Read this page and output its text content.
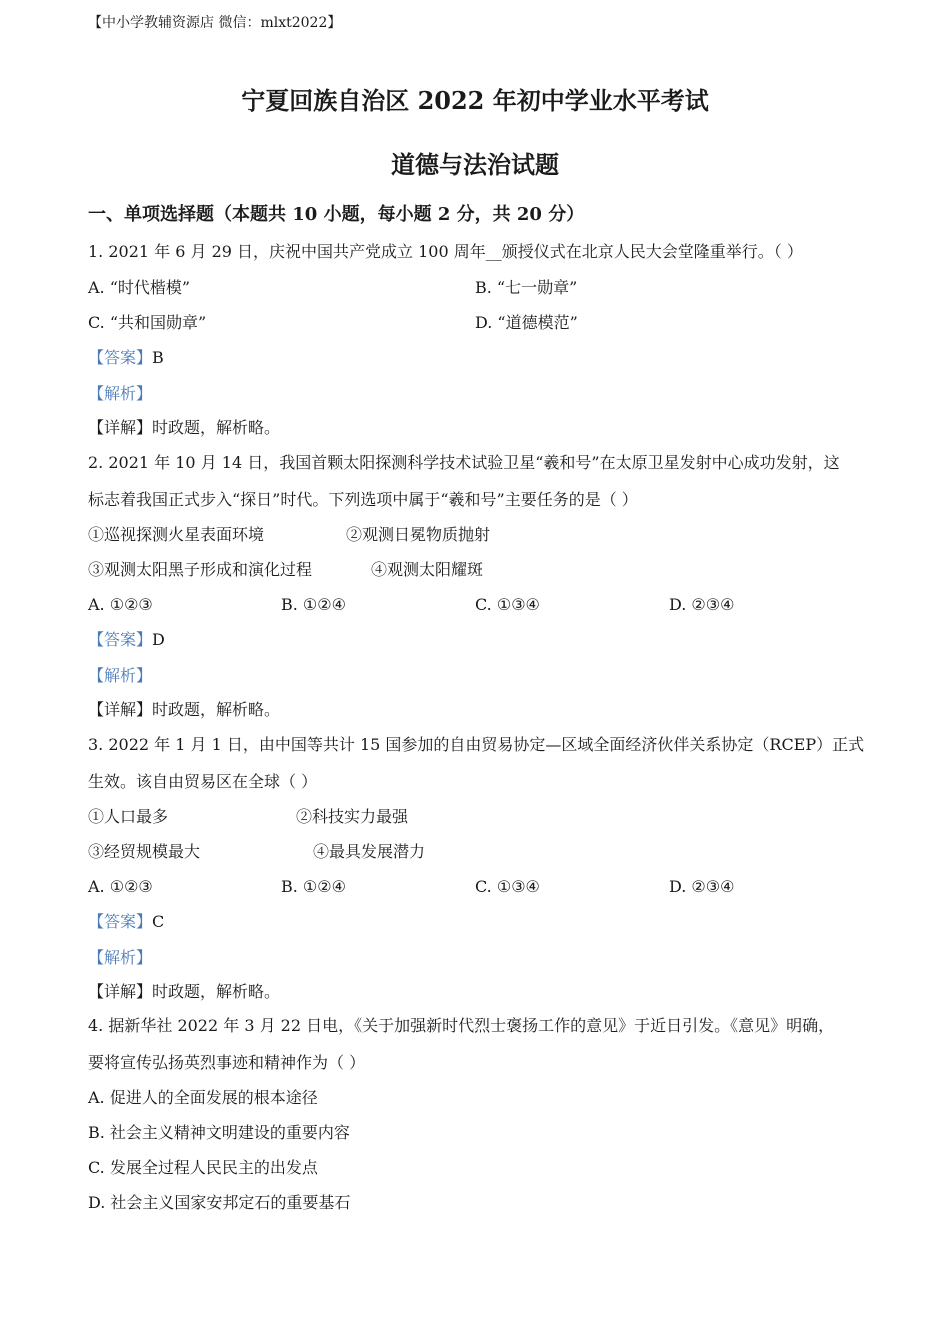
【中小学教辅资源店 微信：mlxt2022】
宁夏回族自治区 2022 年初中学业水平考试
道德与法治试题
一、单项选择题（本题共 10 小题，每小题 2 分，共 20 分）
1. 2021 年 6 月 29 日，庆祝中国共产党成立 100 周年__颁授仪式在北京人民大会堂隆重举行。（ ）
A. “时代楷模”	B. “七一勋章”
C. “共和国勋章”	D. “道德模范”
【答案】B
【解析】
【详解】时政题，解析略。
2. 2021 年 10 月 14 日，我国首颗太阳探测科学技术试验卫星“羲和号”在太原卫星发射中心成功发射，这
标志着我国正式步入“探日”时代。下列选项中属于“羲和号”主要任务的是（ ）
①巡视探测火星表面环境	②观测日冕物质抛射
③观测太阳黑子形成和演化过程	④观测太阳耀斑
A. ①②③	B. ①②④	C. ①③④	D. ②③④
【答案】D
【解析】
【详解】时政题，解析略。
3. 2022 年 1 月 1 日，由中国等共计 15 国参加的自由贸易协定—区域全面经济伙伴关系协定（RCEP）正式
生效。该自由贸易区在全球（ ）
①人口最多	②科技实力最强
③经贸规模最大	④最具发展潜力
A. ①②③	B. ①②④	C. ①③④	D. ②③④
【答案】C
【解析】
【详解】时政题，解析略。
4. 据新华社 2022 年 3 月 22 日电，《关于加强新时代烈士褒扬工作的意见》于近日引发。《意见》明确，
要将宣传弘扬英烈事迹和精神作为（ ）
A. 促进人的全面发展的根本途径
B. 社会主义精神文明建设的重要内容
C. 发展全过程人民民主的出发点
D. 社会主义国家安邦定石的重要基石
